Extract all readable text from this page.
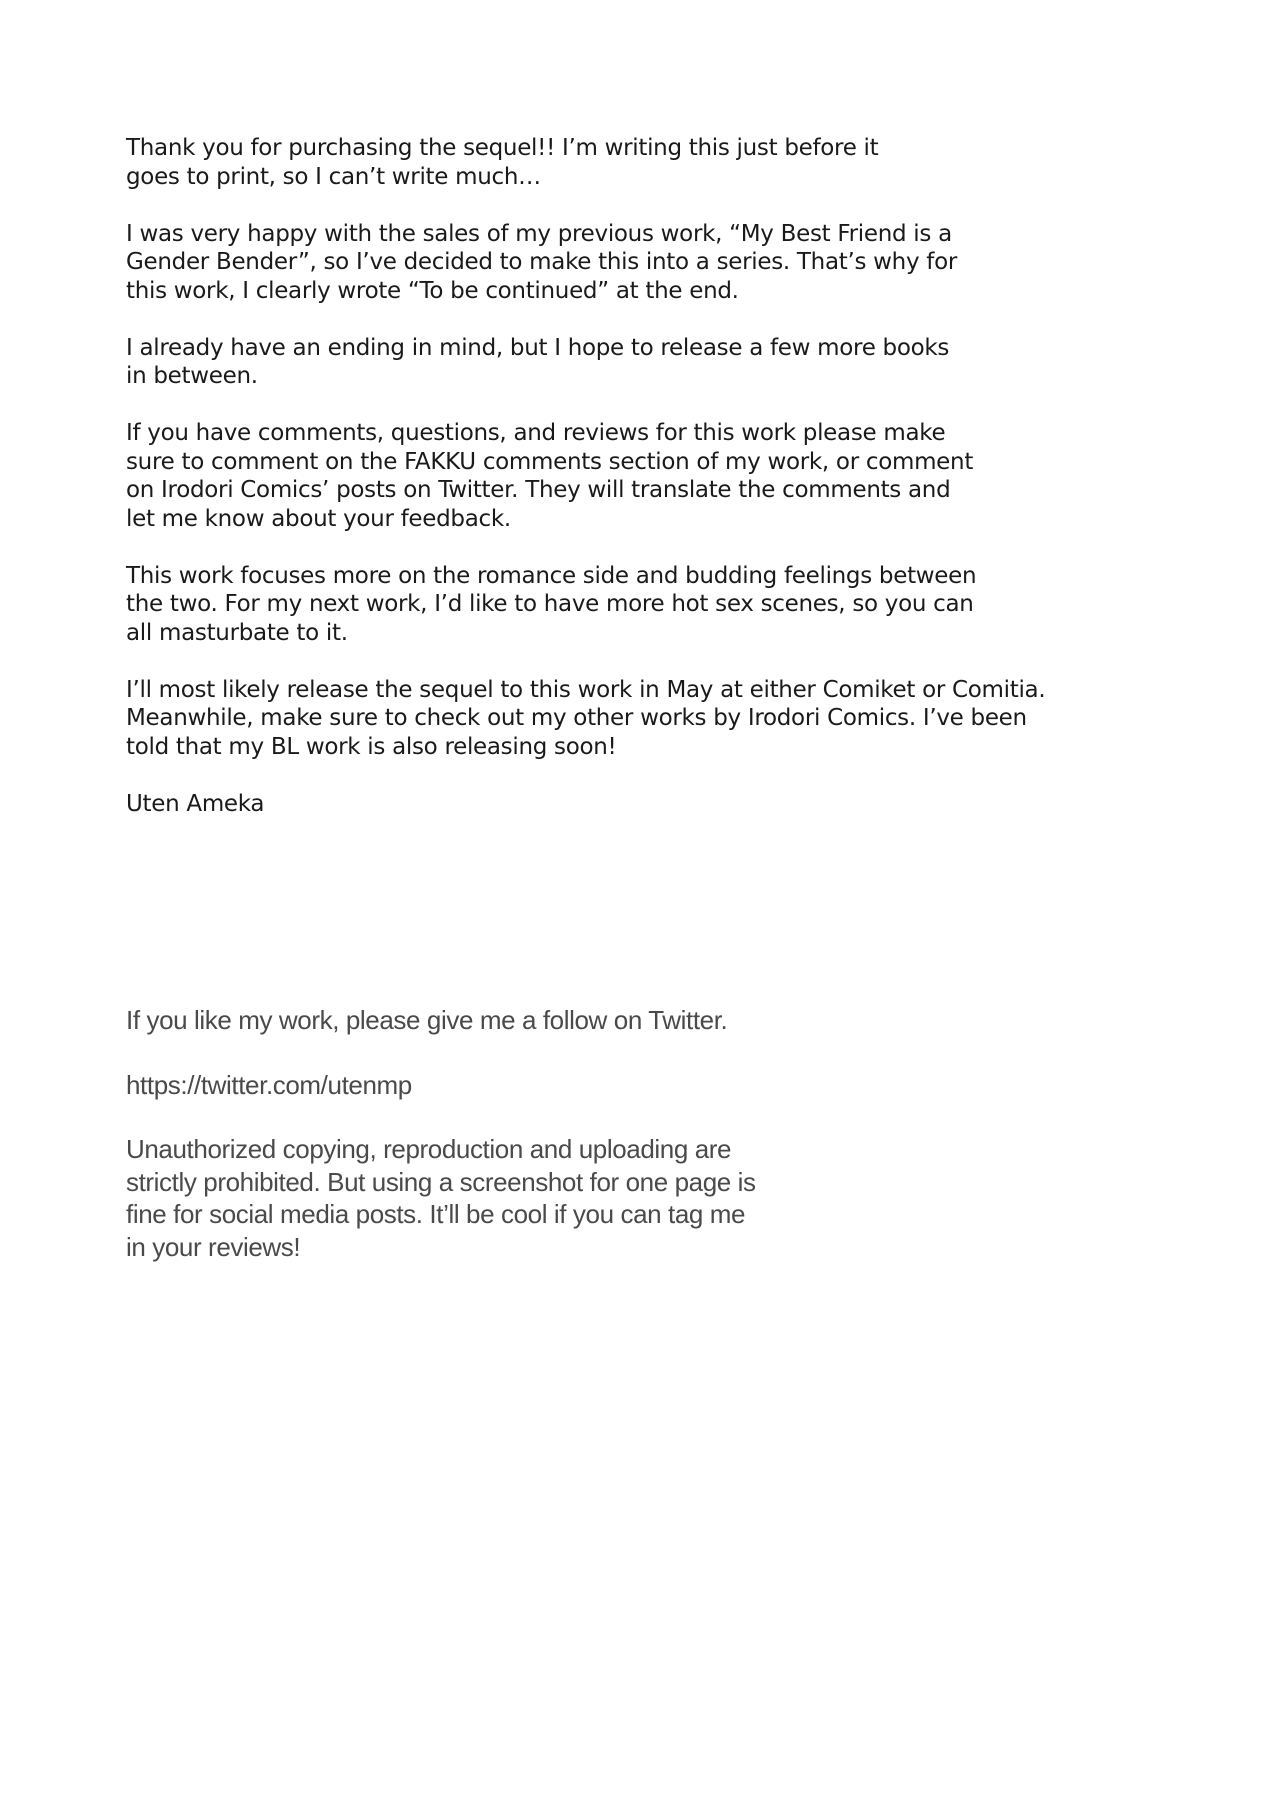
Thank you for purchasing the sequel!! I’m writing this just before it
goes to print, so I can’t write much…

I was very happy with the sales of my previous work, “My Best Friend is a
Gender Bender”, so I’ve decided to make this into a series. That’s why for
this work, I clearly wrote “To be continued” at the end.

I already have an ending in mind, but I hope to release a few more books
in between.

If you have comments, questions, and reviews for this work please make
sure to comment on the FAKKU comments section of my work, or comment
on Irodori Comics’ posts on Twitter. They will translate the comments and
let me know about your feedback.

This work focuses more on the romance side and budding feelings between
the two. For my next work, I’d like to have more hot sex scenes, so you can
all masturbate to it.

I’ll most likely release the sequel to this work in May at either Comiket or Comitia.
Meanwhile, make sure to check out my other works by Irodori Comics. I’ve been
told that my BL work is also releasing soon!

Uten Ameka

If you like my work, please give me a follow on Twitter.

https://twitter.com/utenmp

Unauthorized copying, reproduction and uploading are
strictly prohibited. But using a screenshot for one page is
fine for social media posts. It’ll be cool if you can tag me
in your reviews!
